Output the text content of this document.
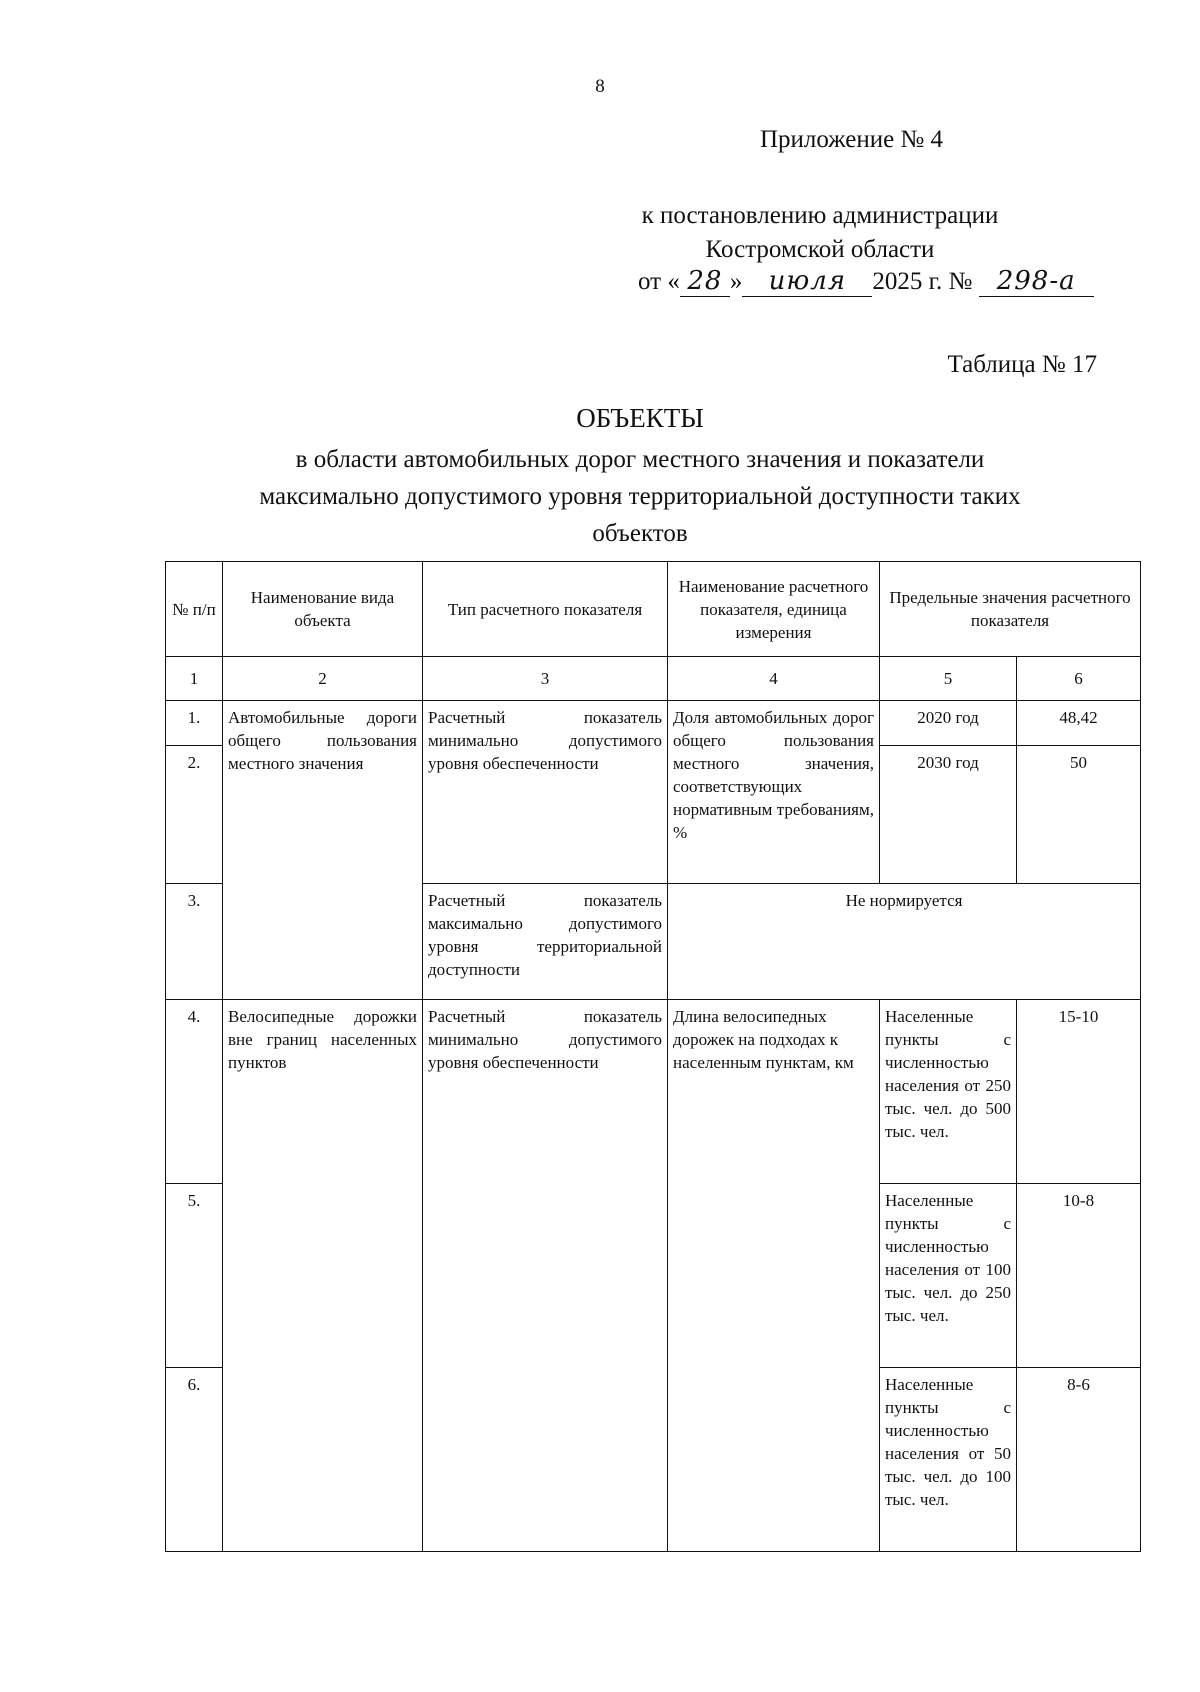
8
Приложение № 4
к постановлению администрации
Костромской области
от « 28 » июля 2025 г. № 298-а
Таблица № 17
ОБЪЕКТЫ
в области автомобильных дорог местного значения и показатели
максимально допустимого уровня территориальной доступности таких
объектов
№ п/п	Наименование вида объекта	Тип расчетного показателя	Наименование расчетного показателя, единица измерения	Предельные значения расчетного показателя	
1	2	3	4	5	6
1.	Автомобильные дороги общего пользования местного значения	Расчетный показатель минимально допустимого уровня обеспеченности	Доля автомобильных дорог общего пользования местного значения, соответствующих нормативным требованиям, %	2020 год	48,42
2.				2030 год	50
3.		Расчетный показатель максимально допустимого уровня территориальной доступности	Не нормируется		
4.	Велосипедные дорожки вне границ населенных пунктов	Расчетный показатель минимально допустимого уровня обеспеченности	Длина велосипедных дорожек на подходах к населенным пунктам, км	Населенные пункты с численностью населения от 250 тыс. чел. до 500 тыс. чел.	15-10
5.				Населенные пункты с численностью населения от 100 тыс. чел. до 250 тыс. чел.	10-8
6.				Населенные пункты с численностью населения от 50 тыс. чел. до 100 тыс. чел.	8-6
